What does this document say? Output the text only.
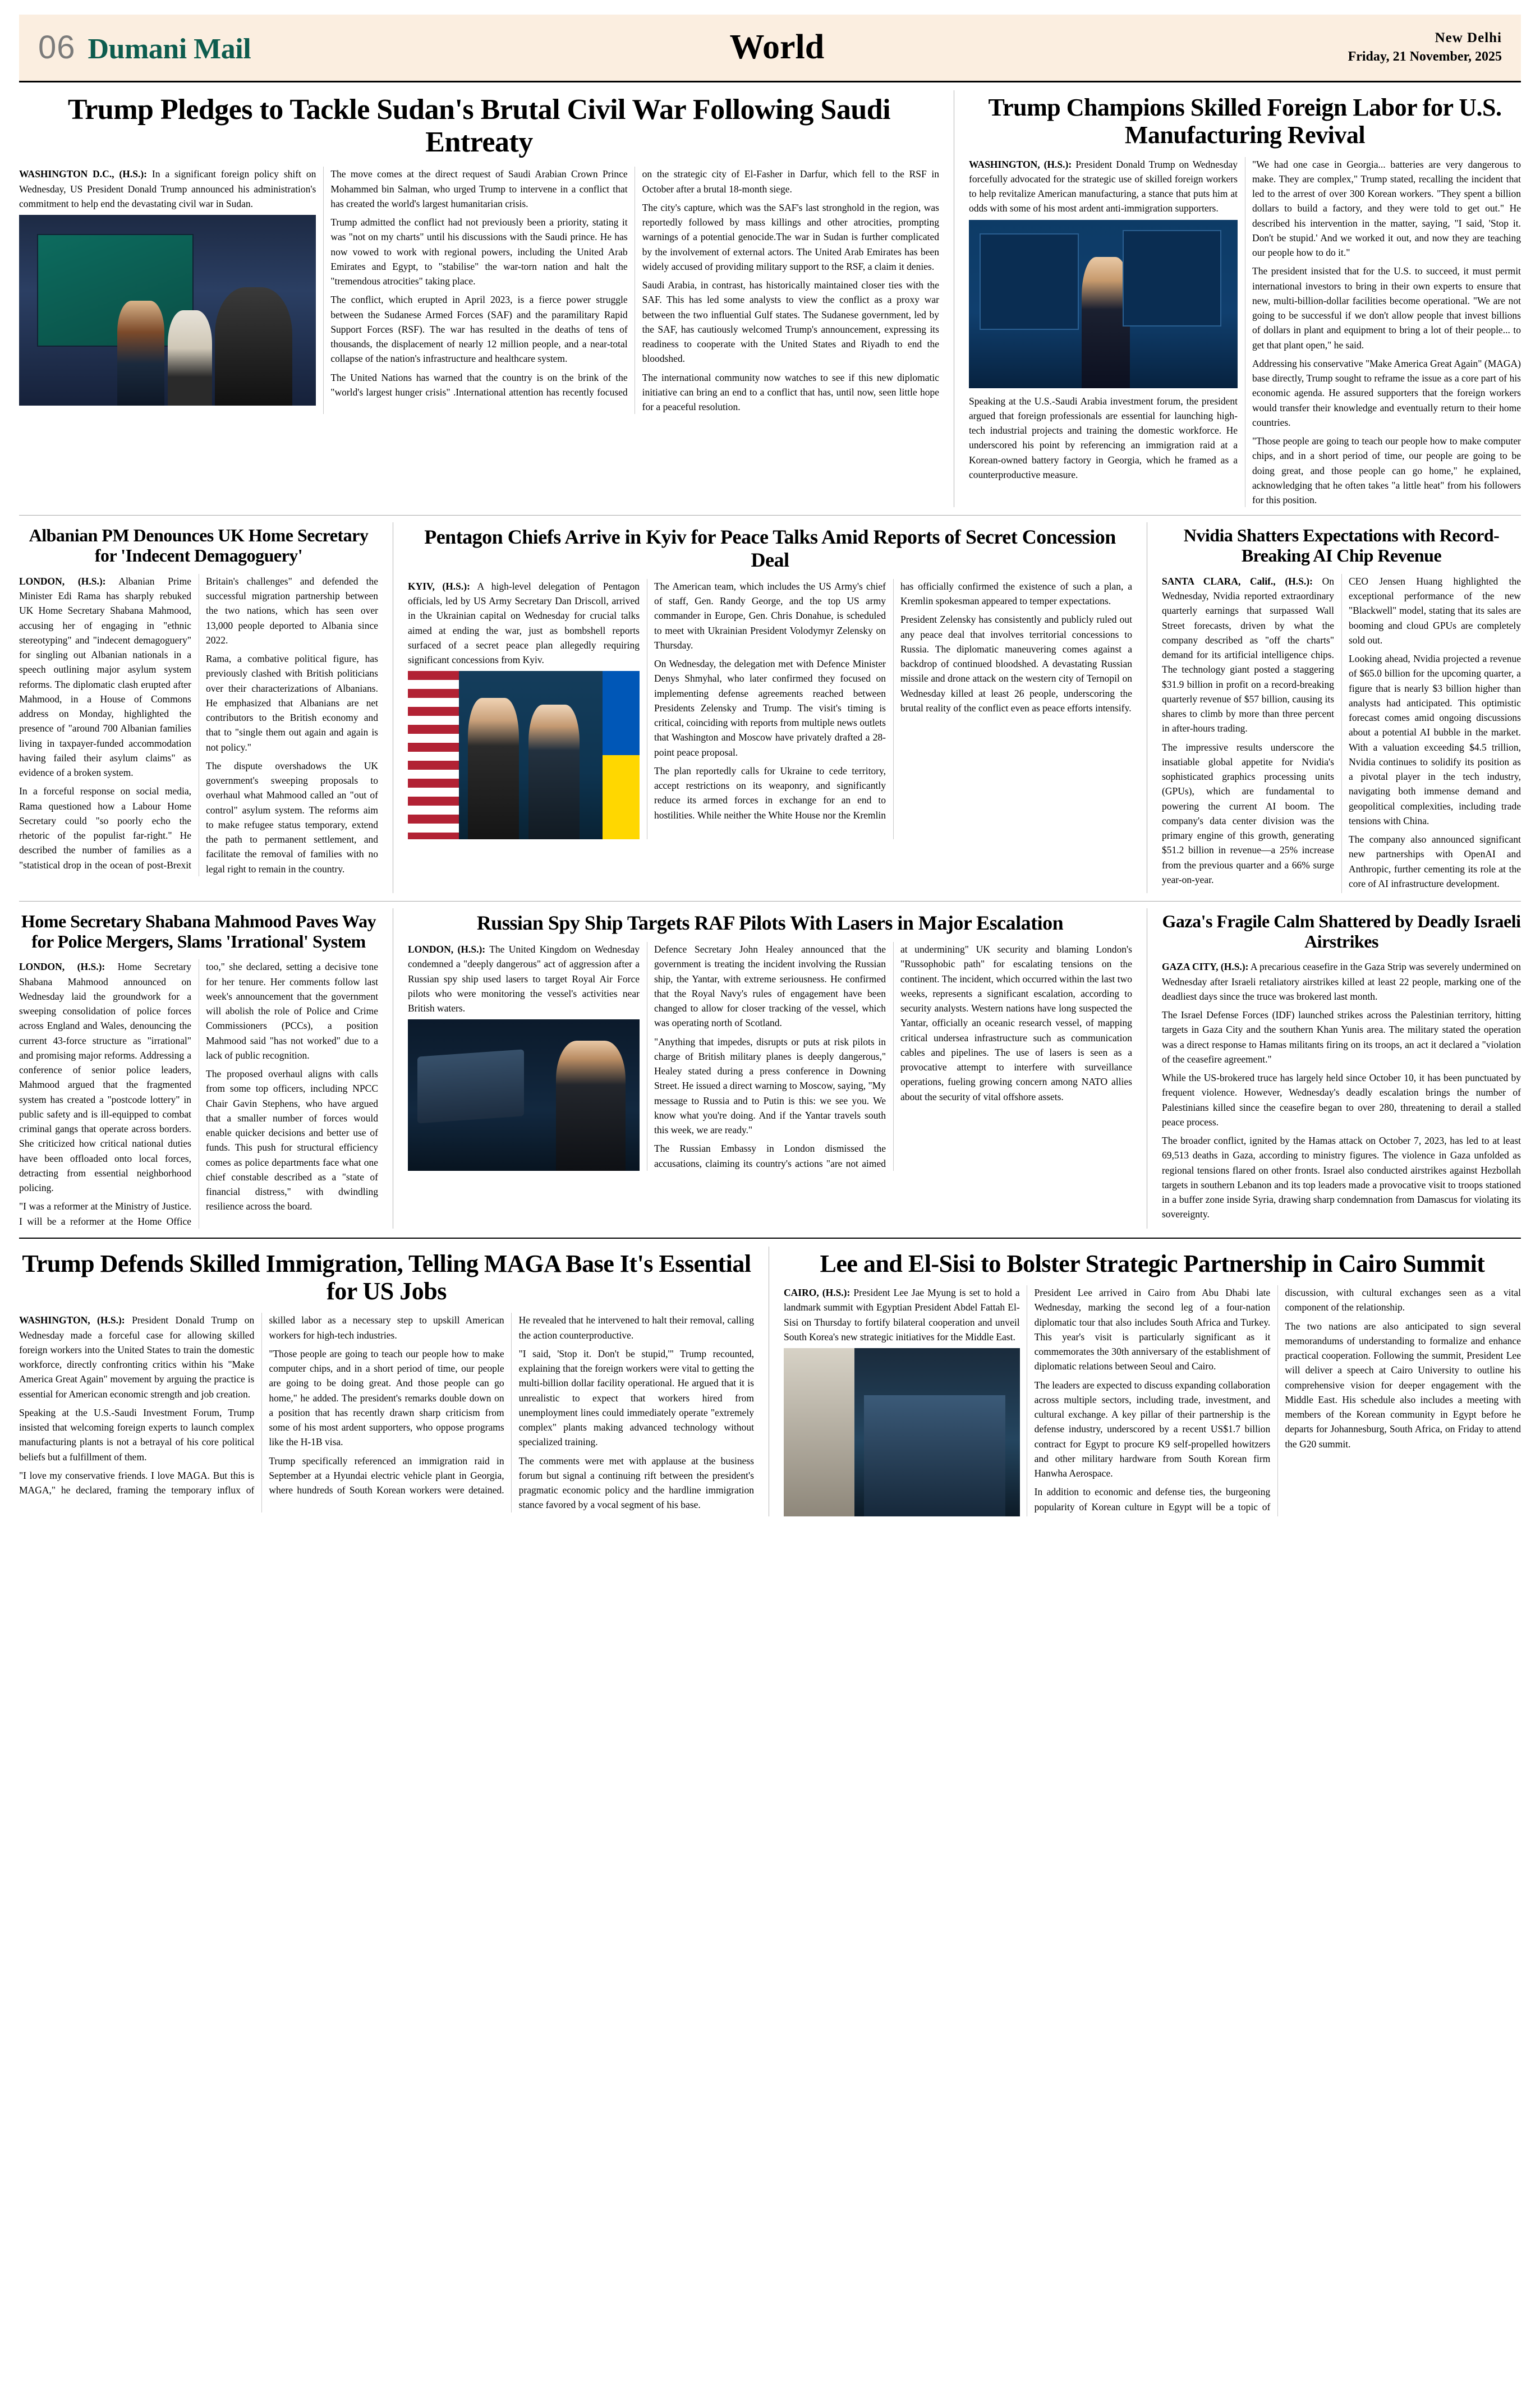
06 Dumani Mail	World	New Delhi
Friday, 21 November, 2025
Trump Pledges to Tackle Sudan's Brutal Civil War Following Saudi Entreaty

WASHINGTON D.C., (H.S.): In a significant foreign policy shift on Wednesday, US President Donald Trump announced his administration's commitment to help end the devastating civil war in Sudan.

The move comes at the direct request of Saudi Arabian Crown Prince Mohammed bin Salman, who urged Trump to intervene in a conflict that has created the world's largest humanitarian crisis.

Trump admitted the conflict had not previously been a priority, stating it was "not on my charts" until his discussions with the Saudi prince. He has now vowed to work with regional powers, including the United Arab Emirates and Egypt, to "stabilise" the war-torn nation and halt the "tremendous atrocities" taking place.

The conflict, which erupted in April 2023, is a fierce power struggle between the Sudanese Armed Forces (SAF) and the paramilitary Rapid Support Forces (RSF). The war has resulted in the deaths of tens of thousands, the displacement of nearly 12 million people, and a near-total collapse of the nation's infrastructure and healthcare system.

The United Nations has warned that the country is on the brink of the "world's largest hunger crisis" .International attention has recently focused on the strategic city of El-Fasher in Darfur, which fell to the RSF in October after a brutal 18-month siege.

The city's capture, which was the SAF's last stronghold in the region, was reportedly followed by mass killings and other atrocities, prompting warnings of a potential genocide.The war in Sudan is further complicated by the involvement of external actors. The United Arab Emirates has been widely accused of providing military support to the RSF, a claim it denies.

Saudi Arabia, in contrast, has historically maintained closer ties with the SAF. This has led some analysts to view the conflict as a proxy war between the two influential Gulf states. The Sudanese government, led by the SAF, has cautiously welcomed Trump's announcement, expressing its readiness to cooperate with the United States and Riyadh to end the bloodshed.

The international community now watches to see if this new diplomatic initiative can bring an end to a conflict that has, until now, seen little hope for a peaceful resolution.

Trump Champions Skilled Foreign Labor for U.S. Manufacturing Revival

WASHINGTON, (H.S.): President Donald Trump on Wednesday forcefully advocated for the strategic use of skilled foreign workers to help revitalize American manufacturing, a stance that puts him at odds with some of his most ardent anti-immigration supporters.

Speaking at the U.S.-Saudi Arabia investment forum, the president argued that foreign professionals are essential for launching high-tech industrial projects and training the domestic workforce. He underscored his point by referencing an immigration raid at a Korean-owned battery factory in Georgia, which he framed as a counterproductive measure.

"We had one case in Georgia... batteries are very dangerous to make. They are complex," Trump stated, recalling the incident that led to the arrest of over 300 Korean workers. "They spent a billion dollars to build a factory, and they were told to get out." He described his intervention in the matter, saying, "I said, 'Stop it. Don't be stupid.' And we worked it out, and now they are teaching our people how to do it."

The president insisted that for the U.S. to succeed, it must permit international investors to bring in their own experts to ensure that new, multi-billion-dollar facilities become operational. "We are not going to be successful if we don't allow people that invest billions of dollars in plant and equipment to bring a lot of their people... to get that plant open," he said.

Addressing his conservative "Make America Great Again" (MAGA) base directly, Trump sought to reframe the issue as a core part of his economic agenda. He assured supporters that the foreign workers would transfer their knowledge and eventually return to their home countries.

"Those people are going to teach our people how to make computer chips, and in a short period of time, our people are going to be doing great, and those people can go home," he explained, acknowledging that he often takes "a little heat" from his followers for this position.

Albanian PM Denounces UK Home Secretary for 'Indecent Demagoguery'

LONDON, (H.S.): Albanian Prime Minister Edi Rama has sharply rebuked UK Home Secretary Shabana Mahmood, accusing her of engaging in "ethnic stereotyping" and "indecent demagoguery" for singling out Albanian nationals in a speech outlining major asylum system reforms. The diplomatic clash erupted after Mahmood, in a House of Commons address on Monday, highlighted the presence of "around 700 Albanian families living in taxpayer-funded accommodation having failed their asylum claims" as evidence of a broken system.

In a forceful response on social media, Rama questioned how a Labour Home Secretary could "so poorly echo the rhetoric of the populist far-right." He described the number of families as a "statistical drop in the ocean of post-Brexit Britain's challenges" and defended the successful migration partnership between the two nations, which has seen over 13,000 people deported to Albania since 2022.

Rama, a combative political figure, has previously clashed with British politicians over their characterizations of Albanians. He emphasized that Albanians are net contributors to the British economy and that to "single them out again and again is not policy."

The dispute overshadows the UK government's sweeping proposals to overhaul what Mahmood called an "out of control" asylum system. The reforms aim to make refugee status temporary, extend the path to permanent settlement, and facilitate the removal of families with no legal right to remain in the country.

Pentagon Chiefs Arrive in Kyiv for Peace Talks Amid Reports of Secret Concession Deal

KYIV, (H.S.): A high-level delegation of Pentagon officials, led by US Army Secretary Dan Driscoll, arrived in the Ukrainian capital on Wednesday for crucial talks aimed at ending the war, just as bombshell reports surfaced of a secret peace plan allegedly requiring significant concessions from Kyiv.

The American team, which includes the US Army's chief of staff, Gen. Randy George, and the top US army commander in Europe, Gen. Chris Donahue, is scheduled to meet with Ukrainian President Volodymyr Zelensky on Thursday.

On Wednesday, the delegation met with Defence Minister Denys Shmyhal, who later confirmed they focused on implementing defense agreements reached between Presidents Zelensky and Trump. The visit's timing is critical, coinciding with reports from multiple news outlets that Washington and Moscow have privately drafted a 28-point peace proposal.

The plan reportedly calls for Ukraine to cede territory, accept restrictions on its weaponry, and significantly reduce its armed forces in exchange for an end to hostilities. While neither the White House nor the Kremlin has officially confirmed the existence of such a plan, a Kremlin spokesman appeared to temper expectations.

President Zelensky has consistently and publicly ruled out any peace deal that involves territorial concessions to Russia. The diplomatic maneuvering comes against a backdrop of continued bloodshed. A devastating Russian missile and drone attack on the western city of Ternopil on Wednesday killed at least 26 people, underscoring the brutal reality of the conflict even as peace efforts intensify.

Nvidia Shatters Expectations with Record-Breaking AI Chip Revenue

SANTA CLARA, Calif., (H.S.): On Wednesday, Nvidia reported extraordinary quarterly earnings that surpassed Wall Street forecasts, driven by what the company described as "off the charts" demand for its artificial intelligence chips. The technology giant posted a staggering $31.9 billion in profit on a record-breaking quarterly revenue of $57 billion, causing its shares to climb by more than three percent in after-hours trading.

The impressive results underscore the insatiable global appetite for Nvidia's sophisticated graphics processing units (GPUs), which are fundamental to powering the current AI boom. The company's data center division was the primary engine of this growth, generating $51.2 billion in revenue—a 25% increase from the previous quarter and a 66% surge year-on-year.

CEO Jensen Huang highlighted the exceptional performance of the new "Blackwell" model, stating that its sales are booming and cloud GPUs are completely sold out.

Looking ahead, Nvidia projected a revenue of $65.0 billion for the upcoming quarter, a figure that is nearly $3 billion higher than analysts had anticipated. This optimistic forecast comes amid ongoing discussions about a potential AI bubble in the market. With a valuation exceeding $4.5 trillion, Nvidia continues to solidify its position as a pivotal player in the tech industry, navigating both immense demand and geopolitical complexities, including trade tensions with China.

The company also announced significant new partnerships with OpenAI and Anthropic, further cementing its role at the core of AI infrastructure development.

Home Secretary Shabana Mahmood Paves Way for Police Mergers, Slams 'Irrational' System

LONDON, (H.S.): Home Secretary Shabana Mahmood announced on Wednesday laid the groundwork for a sweeping consolidation of police forces across England and Wales, denouncing the current 43-force structure as "irrational" and promising major reforms. Addressing a conference of senior police leaders, Mahmood argued that the fragmented system has created a "postcode lottery" in public safety and is ill-equipped to combat criminal gangs that operate across borders. She criticized how critical national duties have been offloaded onto local forces, detracting from essential neighborhood policing.

"I was a reformer at the Ministry of Justice. I will be a reformer at the Home Office too," she declared, setting a decisive tone for her tenure. Her comments follow last week's announcement that the government will abolish the role of Police and Crime Commissioners (PCCs), a position Mahmood said "has not worked" due to a lack of public recognition.

The proposed overhaul aligns with calls from some top officers, including NPCC Chair Gavin Stephens, who have argued that a smaller number of forces would enable quicker decisions and better use of funds. This push for structural efficiency comes as police departments face what one chief constable described as a "state of financial distress," with dwindling resilience across the board.

Russian Spy Ship Targets RAF Pilots With Lasers in Major Escalation

LONDON, (H.S.): The United Kingdom on Wednesday condemned a "deeply dangerous" act of aggression after a Russian spy ship used lasers to target Royal Air Force pilots who were monitoring the vessel's activities near British waters.

Defence Secretary John Healey announced that the government is treating the incident involving the Russian ship, the Yantar, with extreme seriousness. He confirmed that the Royal Navy's rules of engagement have been changed to allow for closer tracking of the vessel, which was operating north of Scotland.

"Anything that impedes, disrupts or puts at risk pilots in charge of British military planes is deeply dangerous," Healey stated during a press conference in Downing Street. He issued a direct warning to Moscow, saying, "My message to Russia and to Putin is this: we see you. We know what you're doing. And if the Yantar travels south this week, we are ready."

The Russian Embassy in London dismissed the accusations, claiming its country's actions "are not aimed at undermining" UK security and blaming London's "Russophobic path" for escalating tensions on the continent. The incident, which occurred within the last two weeks, represents a significant escalation, according to security analysts. Western nations have long suspected the Yantar, officially an oceanic research vessel, of mapping critical undersea infrastructure such as communication cables and pipelines. The use of lasers is seen as a provocative attempt to interfere with surveillance operations, fueling growing concern among NATO allies about the security of vital offshore assets.

Gaza's Fragile Calm Shattered by Deadly Israeli Airstrikes

GAZA CITY, (H.S.): A precarious ceasefire in the Gaza Strip was severely undermined on Wednesday after Israeli retaliatory airstrikes killed at least 22 people, marking one of the deadliest days since the truce was brokered last month.

The Israel Defense Forces (IDF) launched strikes across the Palestinian territory, hitting targets in Gaza City and the southern Khan Yunis area. The military stated the operation was a direct response to Hamas militants firing on its troops, an act it declared a "violation of the ceasefire agreement."

While the US-brokered truce has largely held since October 10, it has been punctuated by frequent violence. However, Wednesday's deadly escalation brings the number of Palestinians killed since the ceasefire began to over 280, threatening to derail a stalled peace process.

The broader conflict, ignited by the Hamas attack on October 7, 2023, has led to at least 69,513 deaths in Gaza, according to ministry figures. The violence in Gaza unfolded as regional tensions flared on other fronts. Israel also conducted airstrikes against Hezbollah targets in southern Lebanon and its top leaders made a provocative visit to troops stationed in a buffer zone inside Syria, drawing sharp condemnation from Damascus for violating its sovereignty.

Trump Defends Skilled Immigration, Telling MAGA Base It's Essential for US Jobs

WASHINGTON, (H.S.): President Donald Trump on Wednesday made a forceful case for allowing skilled foreign workers into the United States to train the domestic workforce, directly confronting critics within his "Make America Great Again" movement by arguing the practice is essential for American economic strength and job creation.

Speaking at the U.S.-Saudi Investment Forum, Trump insisted that welcoming foreign experts to launch complex manufacturing plants is not a betrayal of his core political beliefs but a fulfillment of them.

"I love my conservative friends. I love MAGA. But this is MAGA," he declared, framing the temporary influx of skilled labor as a necessary step to upskill American workers for high-tech industries.

"Those people are going to teach our people how to make computer chips, and in a short period of time, our people are going to be doing great. And those people can go home," he added. The president's remarks double down on a position that has recently drawn sharp criticism from some of his most ardent supporters, who oppose programs like the H-1B visa.

Trump specifically referenced an immigration raid in September at a Hyundai electric vehicle plant in Georgia, where hundreds of South Korean workers were detained. He revealed that he intervened to halt their removal, calling the action counterproductive.

"I said, 'Stop it. Don't be stupid,'" Trump recounted, explaining that the foreign workers were vital to getting the multi-billion dollar facility operational. He argued that it is unrealistic to expect that workers hired from unemployment lines could immediately operate "extremely complex" plants making advanced technology without specialized training.

The comments were met with applause at the business forum but signal a continuing rift between the president's pragmatic economic policy and the hardline immigration stance favored by a vocal segment of his base.

Lee and El-Sisi to Bolster Strategic Partnership in Cairo Summit

CAIRO, (H.S.): President Lee Jae Myung is set to hold a landmark summit with Egyptian President Abdel Fattah El-Sisi on Thursday to fortify bilateral cooperation and unveil South Korea's new strategic initiatives for the Middle East.

President Lee arrived in Cairo from Abu Dhabi late Wednesday, marking the second leg of a four-nation diplomatic tour that also includes South Africa and Turkey. This year's visit is particularly significant as it commemorates the 30th anniversary of the establishment of diplomatic relations between Seoul and Cairo.

The leaders are expected to discuss expanding collaboration across multiple sectors, including trade, investment, and cultural exchange. A key pillar of their partnership is the defense industry, underscored by a recent US$1.7 billion contract for Egypt to procure K9 self-propelled howitzers and other military hardware from South Korean firm Hanwha Aerospace.

In addition to economic and defense ties, the burgeoning popularity of Korean culture in Egypt will be a topic of discussion, with cultural exchanges seen as a vital component of the relationship.

The two nations are also anticipated to sign several memorandums of understanding to formalize and enhance practical cooperation. Following the summit, President Lee will deliver a speech at Cairo University to outline his comprehensive vision for deeper engagement with the Middle East. His schedule also includes a meeting with members of the Korean community in Egypt before he departs for Johannesburg, South Africa, on Friday to attend the G20 summit.
